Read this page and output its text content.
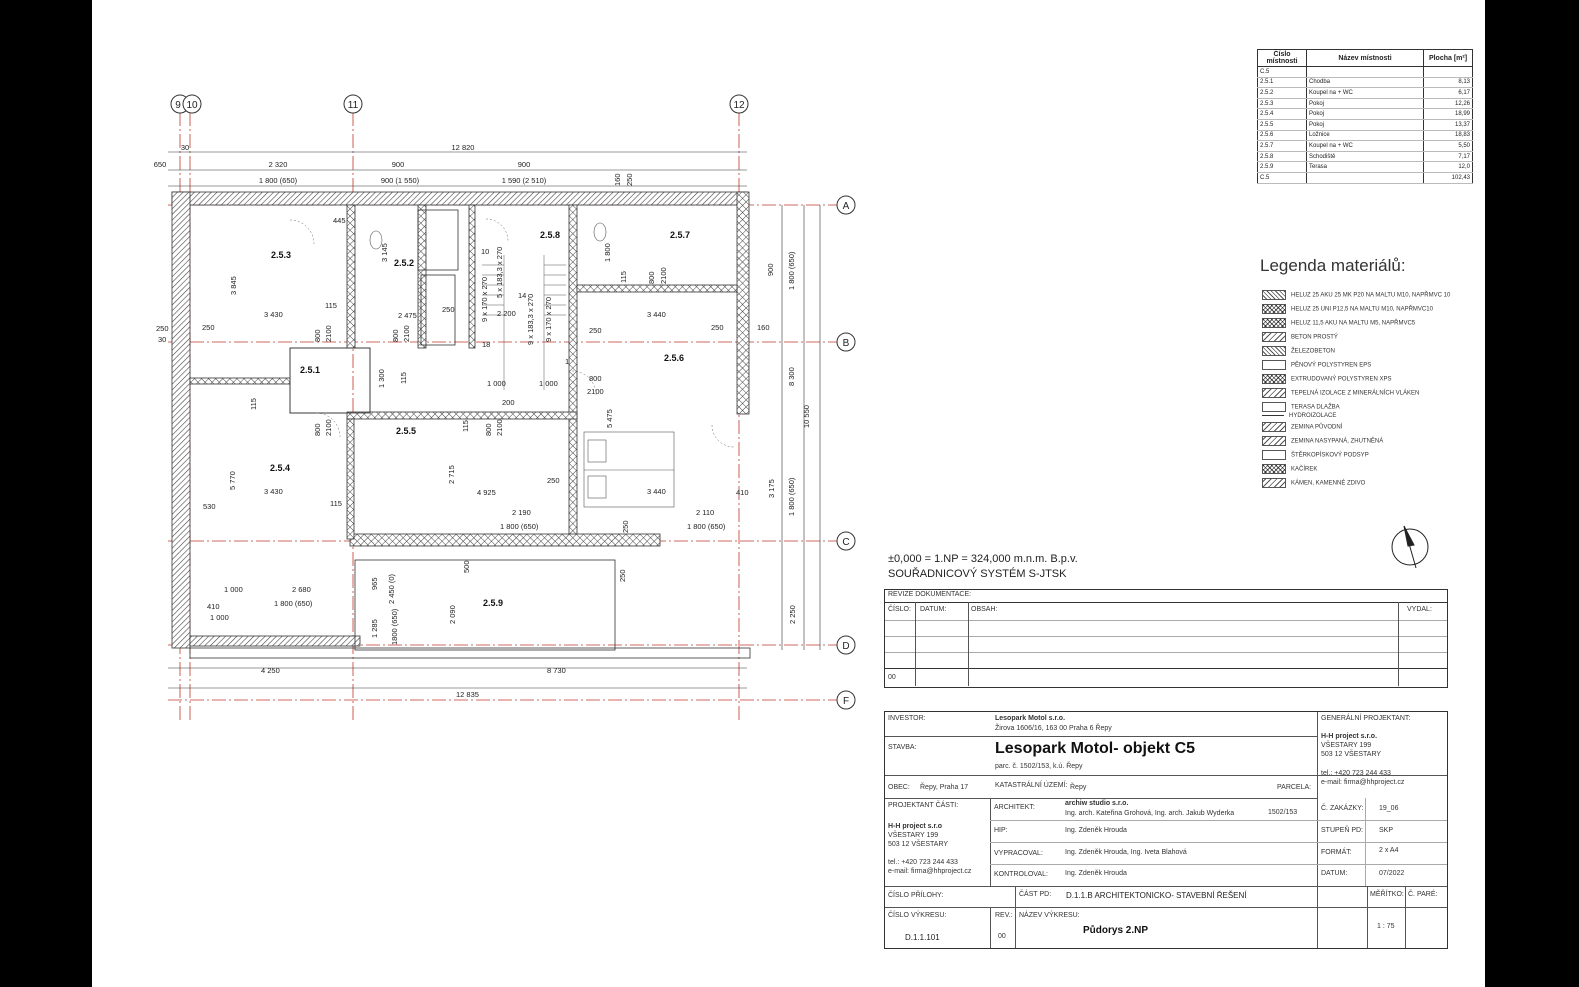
9 10	11	12
A
B
C
D
F
2.5.3
2.5.2
2.5.8	2.5.7
2.5.1
2.5.6
2.5.5
2.5.4
2.5.9
12 820
30
650	2 320	900	900
1 800 (650)	900 (1 550)	1 590 (2 510)	160 250
445
3 845
3 430
115
3 145
2 475
250
10
9 x 170 x 270
5 x 183,3 x 270
2 200
14 9 x 183,3 x 270 9 x 170 x 270
18
1 800
115	800 2100
250
3 440
250	160
900 1 800 (650)
250
30
250
800 2100	800 2100
1 300 115	1 000	1 000
200
800
2100
1
8 300
10 550
115
800 2100	115 800 2100	5 475
5 770
3 430
2 715
4 925
250
3 440	410 3 175 1 800 (650)
530	115
2 190	2 110
1 800 (650)	1 800 (650)
250
965 2 450 (0)
500
250
1 000	2 680
410	1 800 (650)
1 000	2 090
1 285 1800 (650)	2 250
4 250	8 730
12 835
Číslo místnosti	Název místnosti	Plocha [m²]
C.5		
2.5.1	Chodba	8,13
2.5.2	Koupel na + WC	6,17
2.5.3	Pokoj	12,26
2.5.4	Pokoj	18,99
2.5.5	Pokoj	13,37
2.5.6	Ložnice	18,83
2.5.7	Koupel na + WC	5,50
2.5.8	Schodiště	7,17
2.5.9	Terasa	12,0
C.5		102,43
Legenda materiálů:
HELUZ 25 AKU 25 MK P20 NA MALTU M10, NAPŘMVC 10
HELUZ 25 UNI P12,5 NA MALTU M10, NAPŘMVC10
HELUZ 11,5 AKU NA MALTU M5, NAPŘMVC5
BETON PROSTÝ
ŽELEZOBETON
PĚNOVÝ POLYSTYREN EPS
EXTRUDOVANÝ POLYSTYREN XPS
TEPELNÁ IZOLACE Z MINERÁLNÍCH VLÁKEN
TERASA DLAŽBA
HYDROIZOLACE
ZEMINA PŮVODNÍ
ZEMINA NASYPANÁ, ZHUTNĚNÁ
ŠTĚRKOPÍSKOVÝ PODSYP
KAČÍREK
KÁMEN, KAMENNÉ ZDIVO
±0,000 = 1.NP = 324,000 m.n.m. B.p.v.
SOUŘADNICOVÝ SYSTÉM S-JTSK
REVIZE DOKUMENTACE:
ČÍSLO: DATUM:	OBSAH:	VYDAL:
00
INVESTOR:	Lesopark Motol s.r.o.
Žirova 1606/16, 163 00 Praha 6 Řepy
STAVBA:	Lesopark Motol- objekt C5
parc. č. 1502/153, k.ú. Řepy
OBEC: Řepy, Praha 17	KATASTRÁLNÍ ÚZEMÍ: Řepy	PARCELA:
1502/153
GENERÁLNÍ PROJEKTANT:
H-H project s.r.o.
VŠESTARY 199
503 12 VŠESTARY
tel.: +420 723 244 433
e-mail: firma@hhproject.cz
PROJEKTANT ČÁSTI:
H-H project s.r.o
VŠESTARY 199
503 12 VŠESTARY
tel.: +420 723 244 433
e-mail: firma@hhproject.cz
ARCHITEKT:
archiw studio s.r.o.
Ing. arch. Kateřina Grohová, Ing. arch. Jakub Wyderka
HIP:	Ing. Zdeněk Hrouda
VYPRACOVAL:	Ing. Zdeněk Hrouda, Ing. Iveta Blahová
KONTROLOVAL: Ing. Zdeněk Hrouda
Č. ZAKÁZKY: 19_06
STUPEŇ PD: SKP
FORMÁT:	2 x A4
DATUM:	07/2022
ČÍSLO PŘÍLOHY:	ČÁST PD: D.1.1.B ARCHITEKTONICKO- STAVEBNÍ ŘEŠENÍ	MĚŘÍTKO:
1 : 75
Č. PARÉ:
ČÍSLO VÝKRESU:
D.1.1.101
REV.:
00
NÁZEV VÝKRESU:
Půdorys 2.NP
